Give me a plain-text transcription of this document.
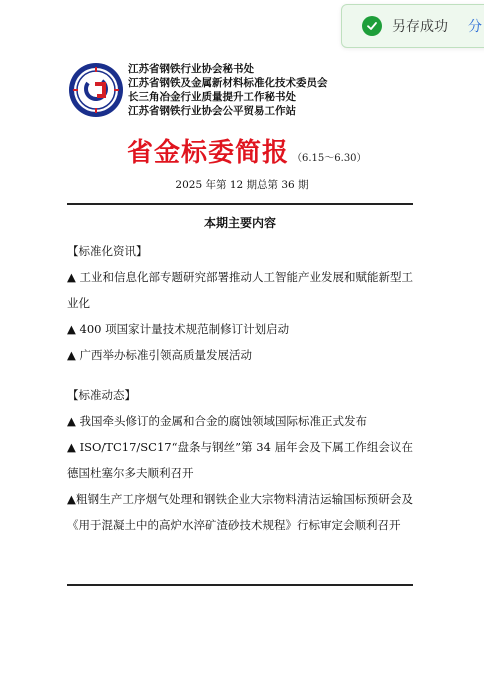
另存成功 分
江苏省钢铁行业协会秘书处
江苏省钢铁及金属新材料标准化技术委员会
长三角冶金行业质量提升工作秘书处
江苏省钢铁行业协会公平贸易工作站
省金标委简报 （6.15～6.30）
2025 年第 12 期总第 36 期
本期主要内容
【标准化资讯】
▲ 工业和信息化部专题研究部署推动人工智能产业发展和赋能新型工业化
▲ 400 项国家计量技术规范制修订计划启动
▲ 广西举办标准引领高质量发展活动
【标准动态】
▲ 我国牵头修订的金属和合金的腐蚀领域国际标准正式发布
▲ ISO/TC17/SC17“盘条与钢丝”第 34 届年会及下属工作组会议在德国杜塞尔多夫顺利召开
▲粗钢生产工序烟气处理和钢铁企业大宗物料清洁运输国标预研会及《用于混凝土中的高炉水淬矿渣砂技术规程》行标审定会顺利召开
